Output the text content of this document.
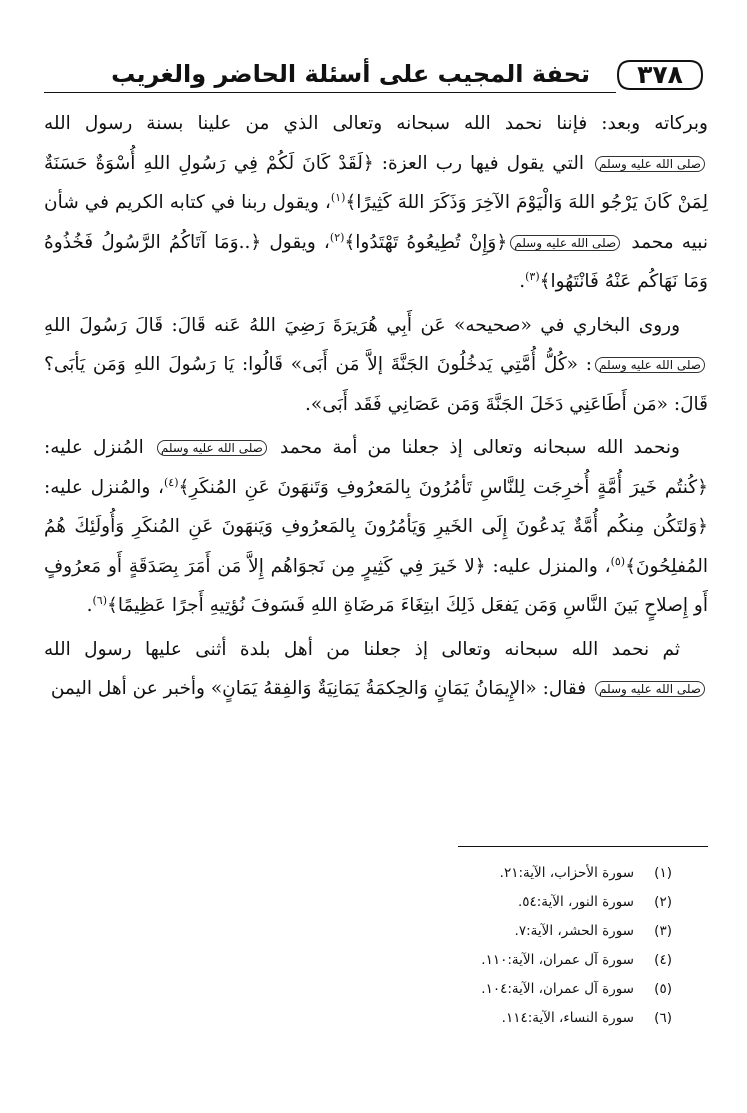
٣٧٨
تحفة المجيب على أسئلة الحاضر والغريب

وبركاته وبعد: فإننا نحمد الله سبحانه وتعالى الذي من علينا بسنة رسول الله صلى الله عليه وسلم التي يقول فيها رب العزة: ﴿لَقَدْ كَانَ لَكُمْ فِي رَسُولِ اللهِ أُسْوَةٌ حَسَنَةٌ لِمَنْ كَانَ يَرْجُو اللهَ وَالْيَوْمَ الآخِرَ وَذَكَرَ اللهَ كَثِيرًا﴾$^{(١)}$، ويقول ربنا في كتابه الكريم في شأن نبيه محمد صلى الله عليه وسلم﴿وَإِنْ تُطِيعُوهُ تَهْتَدُوا﴾$^{(٢)}$، ويقول ﴿..وَمَا آتَاكُمُ الرَّسُولُ فَخُذُوهُ وَمَا نَهَاكُم عَنْهُ فَانْتَهُوا﴾$^{(٣)}$.

وروى البخاري في «صحيحه» عَن أَبِي هُرَيرَةَ رَضِيَ اللهُ عَنه قَالَ: قَالَ رَسُولَ اللهِ صلى الله عليه وسلم: «كُلُّ أُمَّتِي يَدخُلُونَ الجَنَّةَ إلاَّ مَن أَبَى» قَالُوا: يَا رَسُولَ اللهِ وَمَن يَأبَى؟ قَالَ: «مَن أَطَاعَنِي دَخَلَ الجَنَّةَ وَمَن عَصَانِي فَقَد أَبَى».

ونحمد الله سبحانه وتعالى إذ جعلنا من أمة محمد صلى الله عليه وسلم المُنزل عليه: ﴿كُنتُم خَيرَ أُمَّةٍ أُخرِجَت لِلنَّاسِ تَأمُرُونَ بِالمَعرُوفِ وَتَنهَونَ عَنِ المُنكَرِ﴾$^{(٤)}$، والمُنزل عليه: ﴿وَلتَكُن مِنكُم أُمَّةٌ يَدعُونَ إِلَى الخَيرِ وَيَأمُرُونَ بِالمَعرُوفِ وَيَنهَونَ عَنِ المُنكَرِ وَأُولَئِكَ هُمُ المُفلِحُونَ﴾$^{(٥)}$، والمنزل عليه: ﴿لا خَيرَ فِي كَثِيرٍ مِن نَجوَاهُم إِلاَّ مَن أَمَرَ بِصَدَقَةٍ أَو مَعرُوفٍ أَو إِصلاحٍ بَينَ النَّاسِ وَمَن يَفعَل ذَلِكَ ابتِغَاءَ مَرضَاةِ اللهِ فَسَوفَ نُؤتِيهِ أَجرًا عَظِيمًا﴾$^{(٦)}$.

ثم نحمد الله سبحانه وتعالى إذ جعلنا من أهل بلدة أثنى عليها رسول الله صلى الله عليه وسلم فقال: «الإِيمَانُ يَمَانٍ وَالحِكمَةُ يَمَانِيَةٌ وَالفِقهُ يَمَانٍ» وأخبر عن أهل اليمن

(١)
سورة الأحزاب، الآية:٢١.
(٢)
سورة النور، الآية:٥٤.
(٣)
سورة الحشر، الآية:٧.
(٤)
سورة آل عمران، الآية:١١٠.
(٥)
سورة آل عمران، الآية:١٠٤.
(٦)
سورة النساء، الآية:١١٤.
